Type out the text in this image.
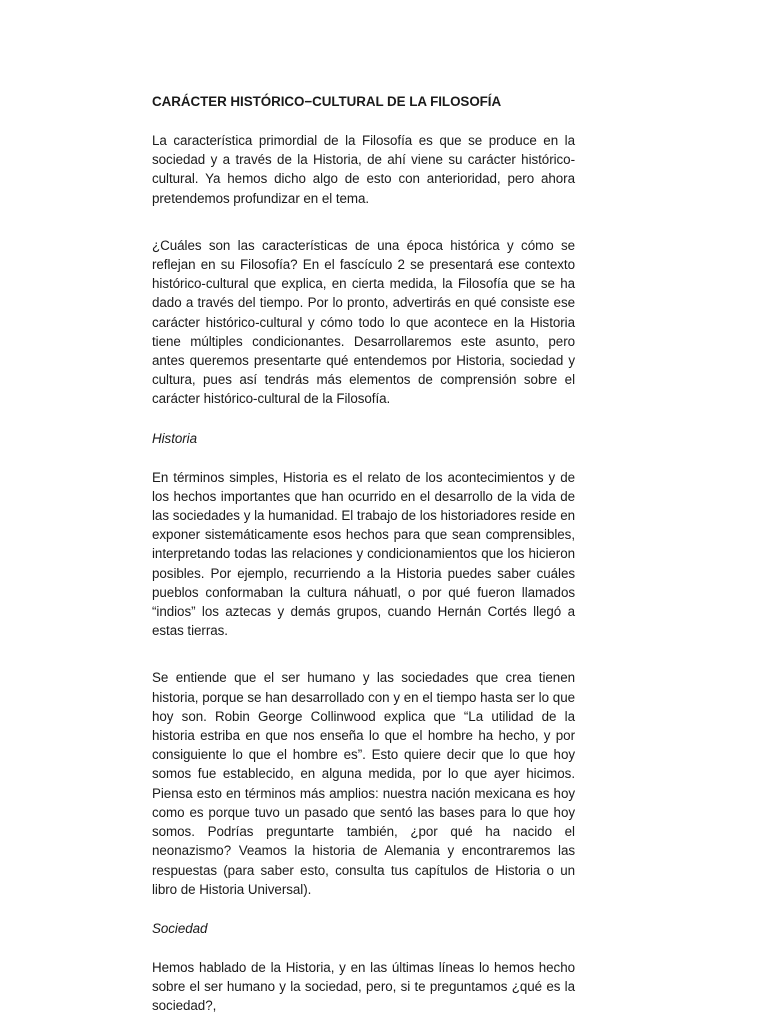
CARÁCTER HISTÓRICO−CULTURAL DE LA FILOSOFÍA

La característica primordial de la Filosofía es que se produce en la sociedad y a través de la Historia, de ahí viene su carácter histórico-cultural. Ya hemos dicho algo de esto con anterioridad, pero ahora pretendemos profundizar en el tema.

¿Cuáles son las características de una época histórica y cómo se reflejan en su Filosofía? En el fascículo 2 se presentará ese contexto histórico-cultural que explica, en cierta medida, la Filosofía que se ha dado a través del tiempo. Por lo pronto, advertirás en qué consiste ese carácter histórico-cultural y cómo todo lo que acontece en la Historia tiene múltiples condicionantes. Desarrollaremos este asunto, pero antes queremos presentarte qué entendemos por Historia, sociedad y cultura, pues así tendrás más elementos de comprensión sobre el carácter histórico-cultural de la Filosofía.

Historia

En términos simples, Historia es el relato de los acontecimientos y de los hechos importantes que han ocurrido en el desarrollo de la vida de las sociedades y la humanidad. El trabajo de los historiadores reside en exponer sistemáticamente esos hechos para que sean comprensibles, interpretando todas las relaciones y condicionamientos que los hicieron posibles. Por ejemplo, recurriendo a la Historia puedes saber cuáles pueblos conformaban la cultura náhuatl, o por qué fueron llamados “indios” los aztecas y demás grupos, cuando Hernán Cortés llegó a estas tierras.

Se entiende que el ser humano y las sociedades que crea tienen historia, porque se han desarrollado con y en el tiempo hasta ser lo que hoy son. Robin George Collinwood explica que “La utilidad de la historia estriba en que nos enseña lo que el hombre ha hecho, y por consiguiente lo que el hombre es”. Esto quiere decir que lo que hoy somos fue establecido, en alguna medida, por lo que ayer hicimos. Piensa esto en términos más amplios: nuestra nación mexicana es hoy como es porque tuvo un pasado que sentó las bases para lo que hoy somos. Podrías preguntarte también, ¿por qué ha nacido el neonazismo? Veamos la historia de Alemania y encontraremos las respuestas (para saber esto, consulta tus capítulos de Historia o un libro de Historia Universal).

Sociedad

Hemos hablado de la Historia, y en las últimas líneas lo hemos hecho sobre el ser humano y la sociedad, pero, si te preguntamos ¿qué es la sociedad?,
